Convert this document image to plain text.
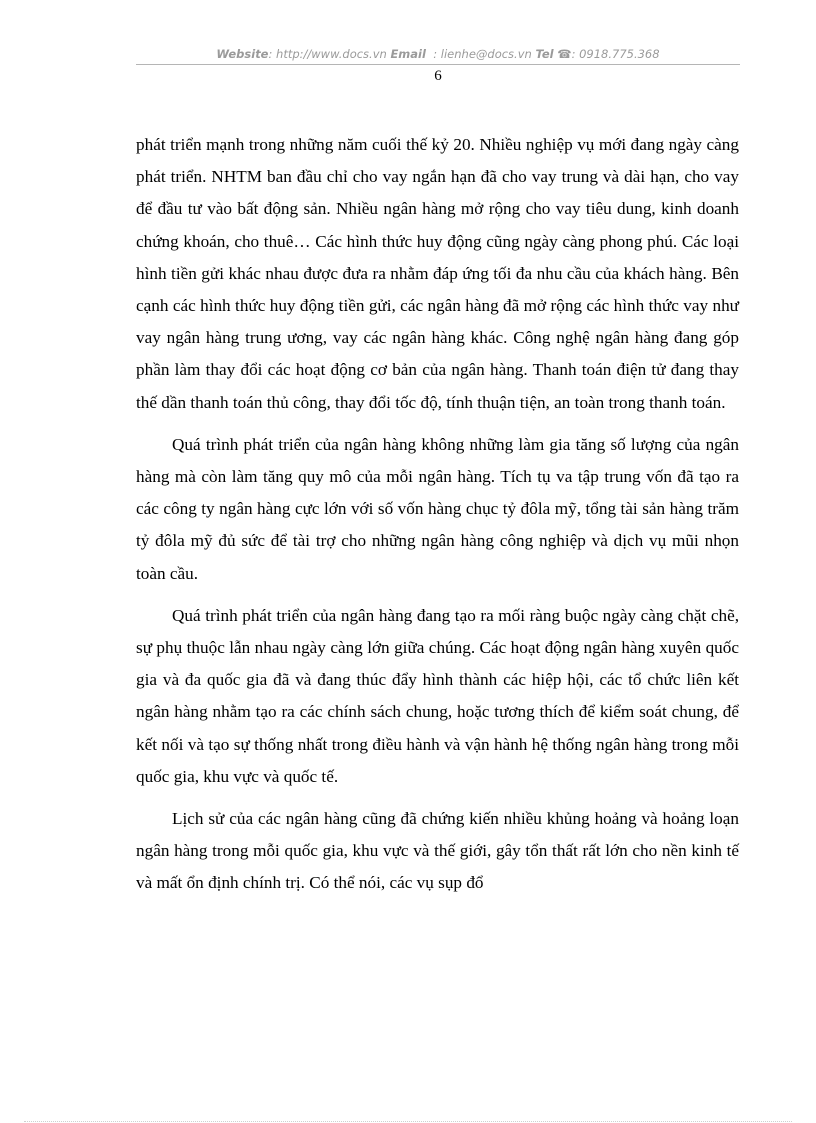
Website: http://www.docs.vn Email : lienhe@docs.vn Tel ☎: 0918.775.368
6

phát triển mạnh trong những năm cuối thế kỷ 20. Nhiều nghiệp vụ mới đang ngày càng phát triển. NHTM ban đầu chỉ cho vay ngắn hạn đã cho vay trung và dài hạn, cho vay để đầu tư vào bất động sản. Nhiều ngân hàng mở rộng cho vay tiêu dung, kinh doanh chứng khoán, cho thuê… Các hình thức huy động cũng ngày càng phong phú. Các loại hình tiền gửi khác nhau được đưa ra nhằm đáp ứng tối đa nhu cầu của khách hàng. Bên cạnh các hình thức huy động tiền gửi, các ngân hàng đã mở rộng các hình thức vay như vay ngân hàng trung ương, vay các ngân hàng khác. Công nghệ ngân hàng đang góp phần làm thay đổi các hoạt động cơ bản của ngân hàng. Thanh toán điện tử đang thay thế dần thanh toán thủ công, thay đổi tốc độ, tính thuận tiện, an toàn trong thanh toán.

Quá trình phát triển của ngân hàng không những làm gia tăng số lượng của ngân hàng mà còn làm tăng quy mô của mỗi ngân hàng. Tích tụ va tập trung vốn đã tạo ra các công ty ngân hàng cực lớn với số vốn hàng chục tỷ đôla mỹ, tổng tài sản hàng trăm tỷ đôla mỹ đủ sức để tài trợ cho những ngân hàng công nghiệp và dịch vụ mũi nhọn toàn cầu.

Quá trình phát triển của ngân hàng đang tạo ra mối ràng buộc ngày càng chặt chẽ, sự phụ thuộc lẫn nhau ngày càng lớn giữa chúng. Các hoạt động ngân hàng xuyên quốc gia và đa quốc gia đã và đang thúc đẩy hình thành các hiệp hội, các tổ chức liên kết ngân hàng nhằm tạo ra các chính sách chung, hoặc tương thích để kiểm soát chung, để kết nối và tạo sự thống nhất trong điều hành và vận hành hệ thống ngân hàng trong mỗi quốc gia, khu vực và quốc tế.

Lịch sử của các ngân hàng cũng đã chứng kiến nhiều khủng hoảng và hoảng loạn ngân hàng trong mỗi quốc gia, khu vực và thế giới, gây tổn thất rất lớn cho nền kinh tế và mất ổn định chính trị. Có thể nói, các vụ sụp đổ
